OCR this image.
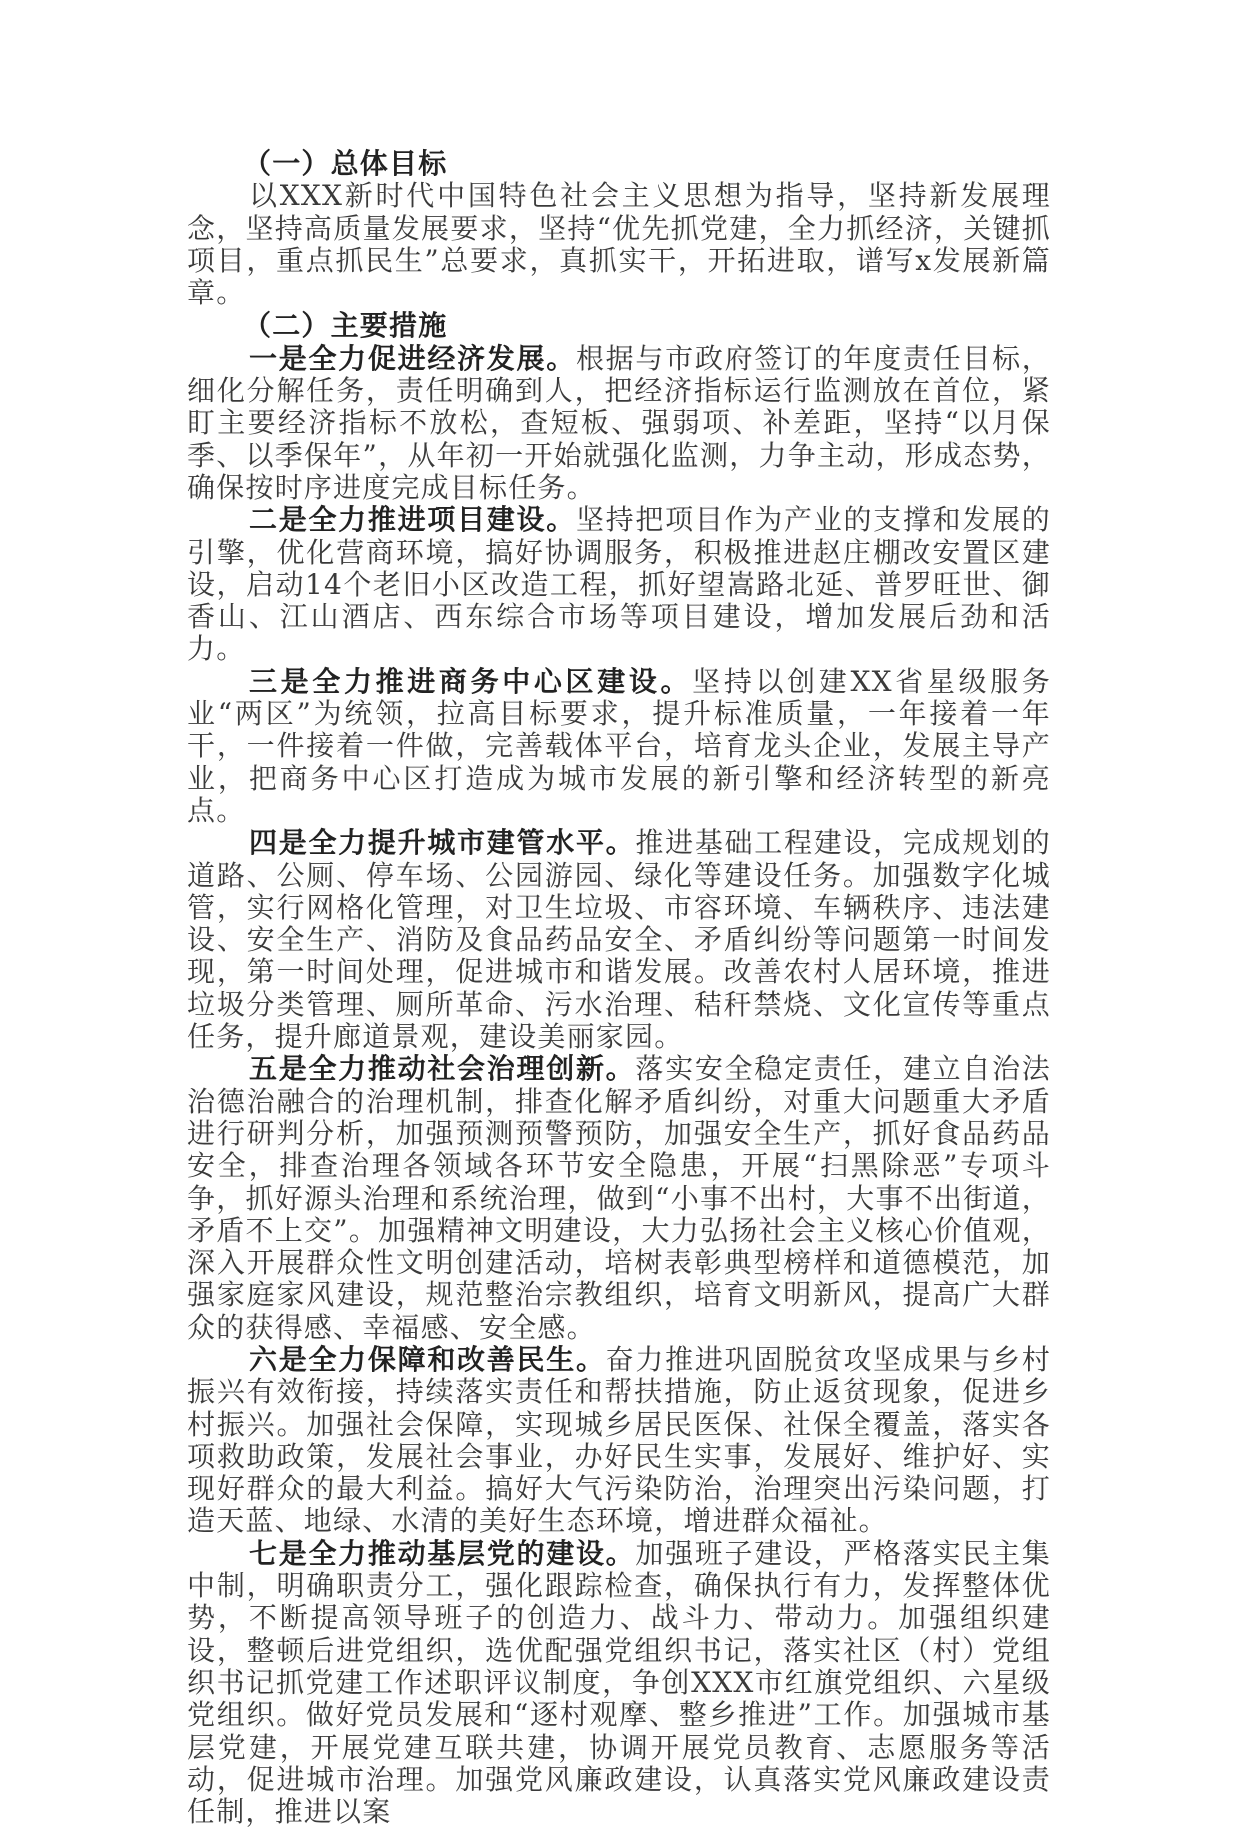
（一）总体目标

以XXX新时代中国特色社会主义思想为指导，坚持新发展理念，坚持高质量发展要求，坚持“优先抓党建，全力抓经济，关键抓项目，重点抓民生”总要求，真抓实干，开拓进取，谱写x发展新篇章。

（二）主要措施

一是全力促进经济发展。根据与市政府签订的年度责任目标，细化分解任务，责任明确到人，把经济指标运行监测放在首位，紧盯主要经济指标不放松，查短板、强弱项、补差距，坚持“以月保季、以季保年”，从年初一开始就强化监测，力争主动，形成态势，确保按时序进度完成目标任务。

二是全力推进项目建设。坚持把项目作为产业的支撑和发展的引擎，优化营商环境，搞好协调服务，积极推进赵庄棚改安置区建设，启动14个老旧小区改造工程，抓好望嵩路北延、普罗旺世、御香山、江山酒店、西东综合市场等项目建设，增加发展后劲和活力。

三是全力推进商务中心区建设。坚持以创建XX省星级服务业“两区”为统领，拉高目标要求，提升标准质量，一年接着一年干，一件接着一件做，完善载体平台，培育龙头企业，发展主导产业，把商务中心区打造成为城市发展的新引擎和经济转型的新亮点。

四是全力提升城市建管水平。推进基础工程建设，完成规划的道路、公厕、停车场、公园游园、绿化等建设任务。加强数字化城管，实行网格化管理，对卫生垃圾、市容环境、车辆秩序、违法建设、安全生产、消防及食品药品安全、矛盾纠纷等问题第一时间发现，第一时间处理，促进城市和谐发展。改善农村人居环境，推进垃圾分类管理、厕所革命、污水治理、秸秆禁烧、文化宣传等重点任务，提升廊道景观，建设美丽家园。

五是全力推动社会治理创新。落实安全稳定责任，建立自治法治德治融合的治理机制，排查化解矛盾纠纷，对重大问题重大矛盾进行研判分析，加强预测预警预防，加强安全生产，抓好食品药品安全，排查治理各领域各环节安全隐患，开展“扫黑除恶”专项斗争，抓好源头治理和系统治理，做到“小事不出村，大事不出街道，矛盾不上交”。加强精神文明建设，大力弘扬社会主义核心价值观，深入开展群众性文明创建活动，培树表彰典型榜样和道德模范，加强家庭家风建设，规范整治宗教组织，培育文明新风，提高广大群众的获得感、幸福感、安全感。

六是全力保障和改善民生。奋力推进巩固脱贫攻坚成果与乡村振兴有效衔接，持续落实责任和帮扶措施，防止返贫现象，促进乡村振兴。加强社会保障，实现城乡居民医保、社保全覆盖，落实各项救助政策，发展社会事业，办好民生实事，发展好、维护好、实现好群众的最大利益。搞好大气污染防治，治理突出污染问题，打造天蓝、地绿、水清的美好生态环境，增进群众福祉。

七是全力推动基层党的建设。加强班子建设，严格落实民主集中制，明确职责分工，强化跟踪检查，确保执行有力，发挥整体优势，不断提高领导班子的创造力、战斗力、带动力。加强组织建设，整顿后进党组织，选优配强党组织书记，落实社区（村）党组织书记抓党建工作述职评议制度，争创XXX市红旗党组织、六星级党组织。做好党员发展和“逐村观摩、整乡推进”工作。加强城市基层党建，开展党建互联共建，协调开展党员教育、志愿服务等活动，促进城市治理。加强党风廉政建设，认真落实党风廉政建设责任制，推进以案
